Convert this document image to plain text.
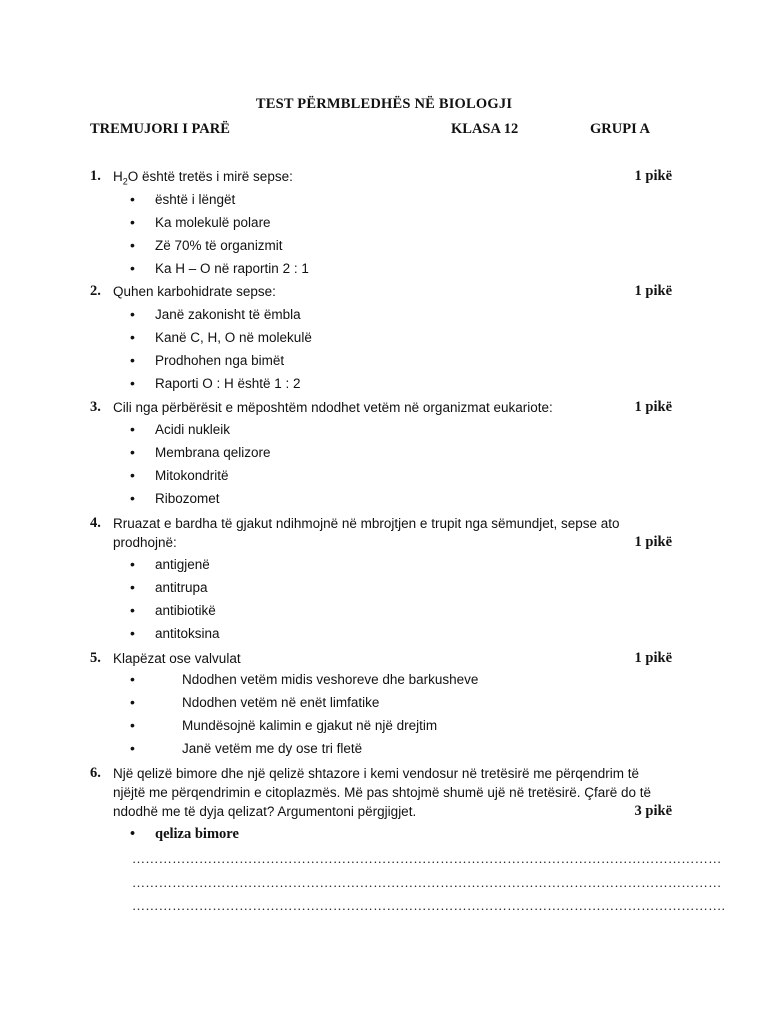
TEST PËRMBLEDHËS NË BIOLOGJI
TREMUJORI I PARË	KLASA 12	GRUPI A
1. $H_2O$ është tretës i mirë sepse:	1 pikë
• është i lëngët
• Ka molekulë polare
• Zë 70% të organizmit
• Ka H – O në raportin 2 : 1
2. Quhen karbohidrate sepse:	1 pikë
• Janë zakonisht të ëmbla
• Kanë C, H, O në molekulë
• Prodhohen nga bimët
• Raporti O : H është 1 : 2
3. Cili nga përbërësit e mëposhtëm ndodhet vetëm në organizmat eukariote:	1 pikë
• Acidi nukleik
• Membrana qelizore
• Mitokondritë
• Ribozomet
4. Rruazat e bardha të gjakut ndihmojnë në mbrojtjen e trupit nga sëmundjet, sepse ato
prodhojnë:	1 pikë
• antigjenë
• antitrupa
• antibiotikë
• antitoksina
5. Klapëzat ose valvulat	1 pikë
•	Ndodhen vetëm midis veshoreve dhe barkusheve
•	Ndodhen vetëm në enët limfatike
•	Mundësojnë kalimin e gjakut në një drejtim
•	Janë vetëm me dy ose tri fletë
6. Një qelizë bimore dhe një qelizë shtazore i kemi vendosur në tretësirë me përqendrim të
njëjtë me përqendrimin e citoplazmës. Më pas shtojmë shumë ujë në tretësirë. Çfarë do të
ndodhë me të dyja qelizat? Argumentoni përgjigjet.	3 pikë
• qeliza bimore
……………………………………………………………………………………………………………………
……………………………………………………………………………………………………………………
…………………………………………………………………………………………………………………….
